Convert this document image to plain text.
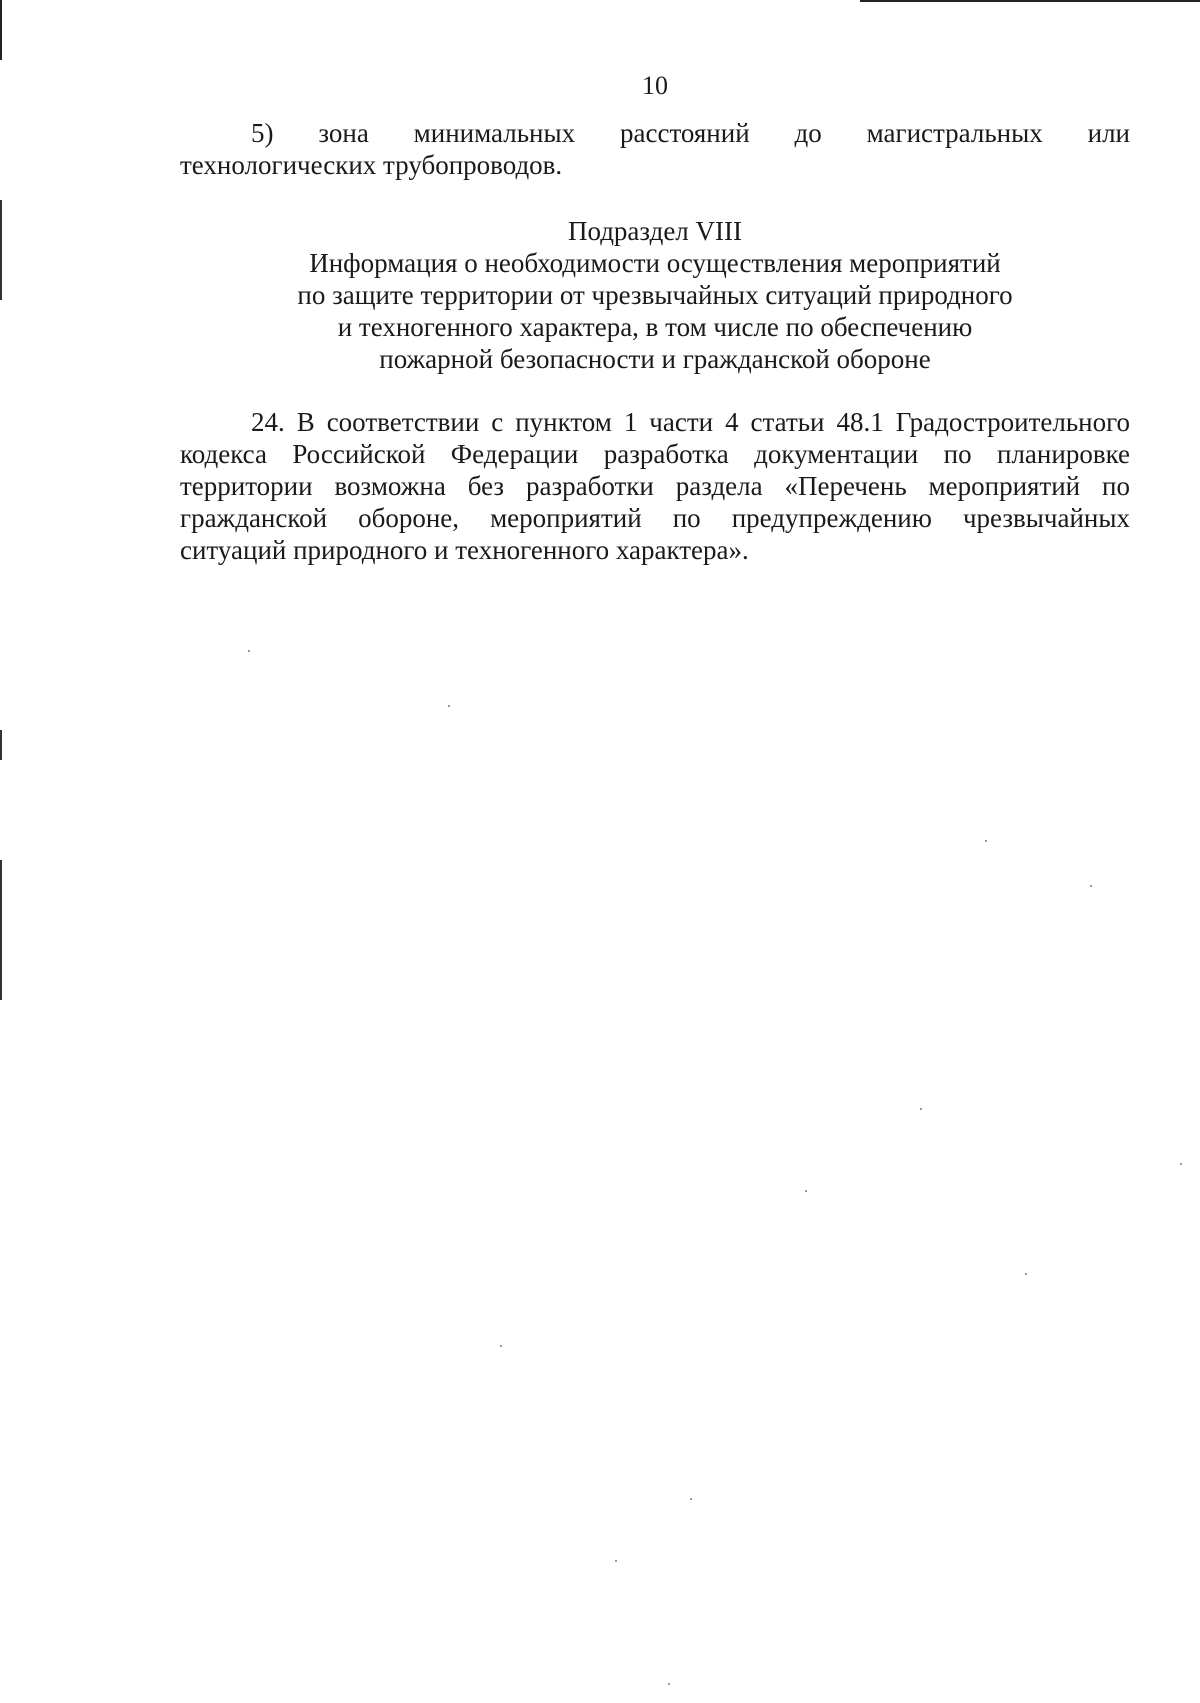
10
5) зона минимальных расстояний до магистральных или
технологических трубопроводов.
Подраздел VIII
Информация о необходимости осуществления мероприятий
по защите территории от чрезвычайных ситуаций природного
и техногенного характера, в том числе по обеспечению
пожарной безопасности и гражданской обороне
24. В соответствии с пунктом 1 части 4 статьи 48.1 Градостроительного
кодекса Российской Федерации разработка документации по планировке
территории возможна без разработки раздела «Перечень мероприятий по
гражданской обороне, мероприятий по предупреждению чрезвычайных
ситуаций природного и техногенного характера».
